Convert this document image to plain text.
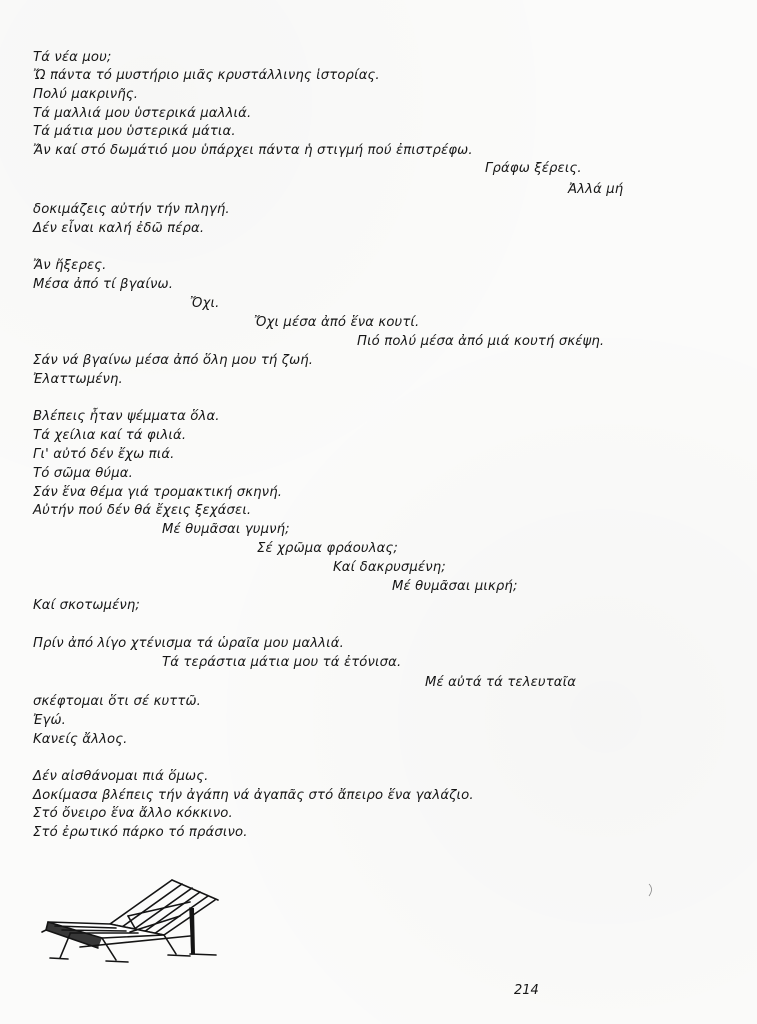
Τά νέα μου;
Ὤ πάντα τό μυστήριο μιᾶς κρυστάλλινης ἱστορίας.
Πολύ μακρινῆς.
Τά μαλλιά μου ὑστερικά μαλλιά.
Τά μάτια μου ὑστερικά μάτια.
Ἄν καί στό δωμάτιό μου ὑπάρχει πάντα ἡ στιγμή πού ἐπιστρέφω.
Γράφω ξέρεις.
Ἀλλά μή
δοκιμάζεις αὐτήν τήν πληγή.
Δέν εἶναι καλή ἐδῶ πέρα.
Ἄν ἤξερες.
Μέσα ἀπό τί βγαίνω.
Ὄχι.
Ὄχι μέσα ἀπό ἕνα κουτί.
Πιό πολύ μέσα ἀπό μιά κουτή σκέψη.
Σάν νά βγαίνω μέσα ἀπό ὅλη μου τή ζωή.
Ἐλαττωμένη.
Βλέπεις ἦταν ψέμματα ὅλα.
Τά χείλια καί τά φιλιά.
Γι' αὐτό δέν ἔχω πιά.
Τό σῶμα θύμα.
Σάν ἕνα θέμα γιά τρομακτική σκηνή.
Αὐτήν πού δέν θά ἔχεις ξεχάσει.
Μέ θυμᾶσαι γυμνή;
Σέ χρῶμα φράουλας;
Καί δακρυσμένη;
Μέ θυμᾶσαι μικρή;
Καί σκοτωμένη;
Πρίν ἀπό λίγο χτένισμα τά ὡραῖα μου μαλλιά.
Τά τεράστια μάτια μου τά ἐτόνισα.
Μέ αὐτά τά τελευταῖα
σκέφτομαι ὅτι σέ κυττῶ.
Ἐγώ.
Κανείς ἄλλος.
Δέν αἰσθάνομαι πιά ὅμως.
Δοκίμασα βλέπεις τήν ἀγάπη νά ἀγαπᾶς στό ἄπειρο ἕνα γαλάζιο.
Στό ὄνειρο ἕνα ἄλλο κόκκινο.
Στό ἐρωτικό πάρκο τό πράσινο.
214
